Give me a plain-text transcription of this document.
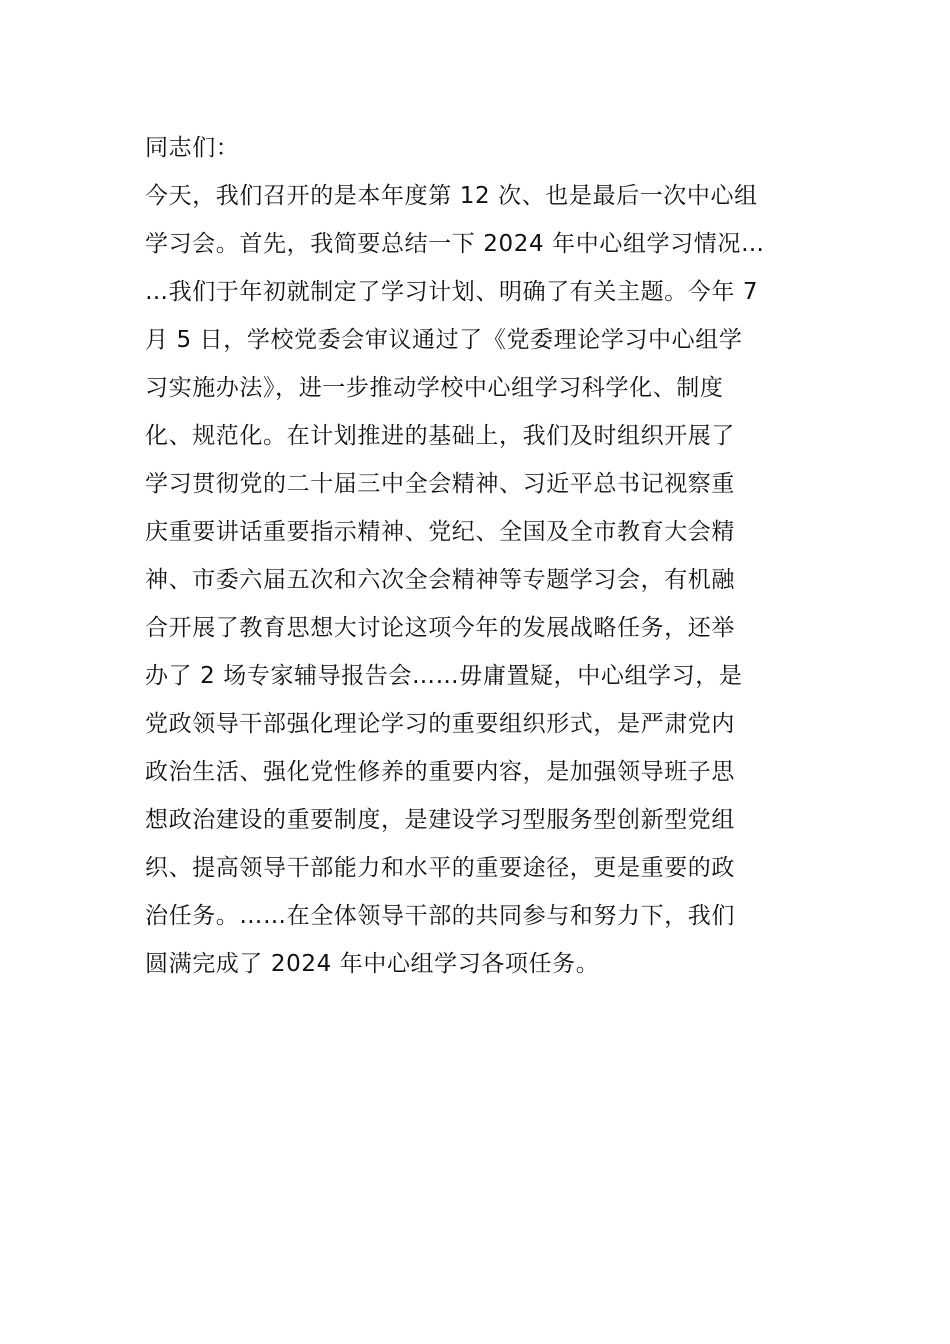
同志们：
今天，我们召开的是本年度第 12 次、也是最后一次中心组
学习会。首先，我简要总结一下 2024 年中心组学习情况…
…我们于年初就制定了学习计划、明确了有关主题。今年 7
月 5 日，学校党委会审议通过了《党委理论学习中心组学
习实施办法》，进一步推动学校中心组学习科学化、制度
化、规范化。在计划推进的基础上，我们及时组织开展了
学习贯彻党的二十届三中全会精神、习近平总书记视察重
庆重要讲话重要指示精神、党纪、全国及全市教育大会精
神、市委六届五次和六次全会精神等专题学习会，有机融
合开展了教育思想大讨论这项今年的发展战略任务，还举
办了 2 场专家辅导报告会……毋庸置疑，中心组学习，是
党政领导干部强化理论学习的重要组织形式，是严肃党内
政治生活、强化党性修养的重要内容，是加强领导班子思
想政治建设的重要制度，是建设学习型服务型创新型党组
织、提高领导干部能力和水平的重要途径，更是重要的政
治任务。……在全体领导干部的共同参与和努力下，我们
圆满完成了 2024 年中心组学习各项任务。
